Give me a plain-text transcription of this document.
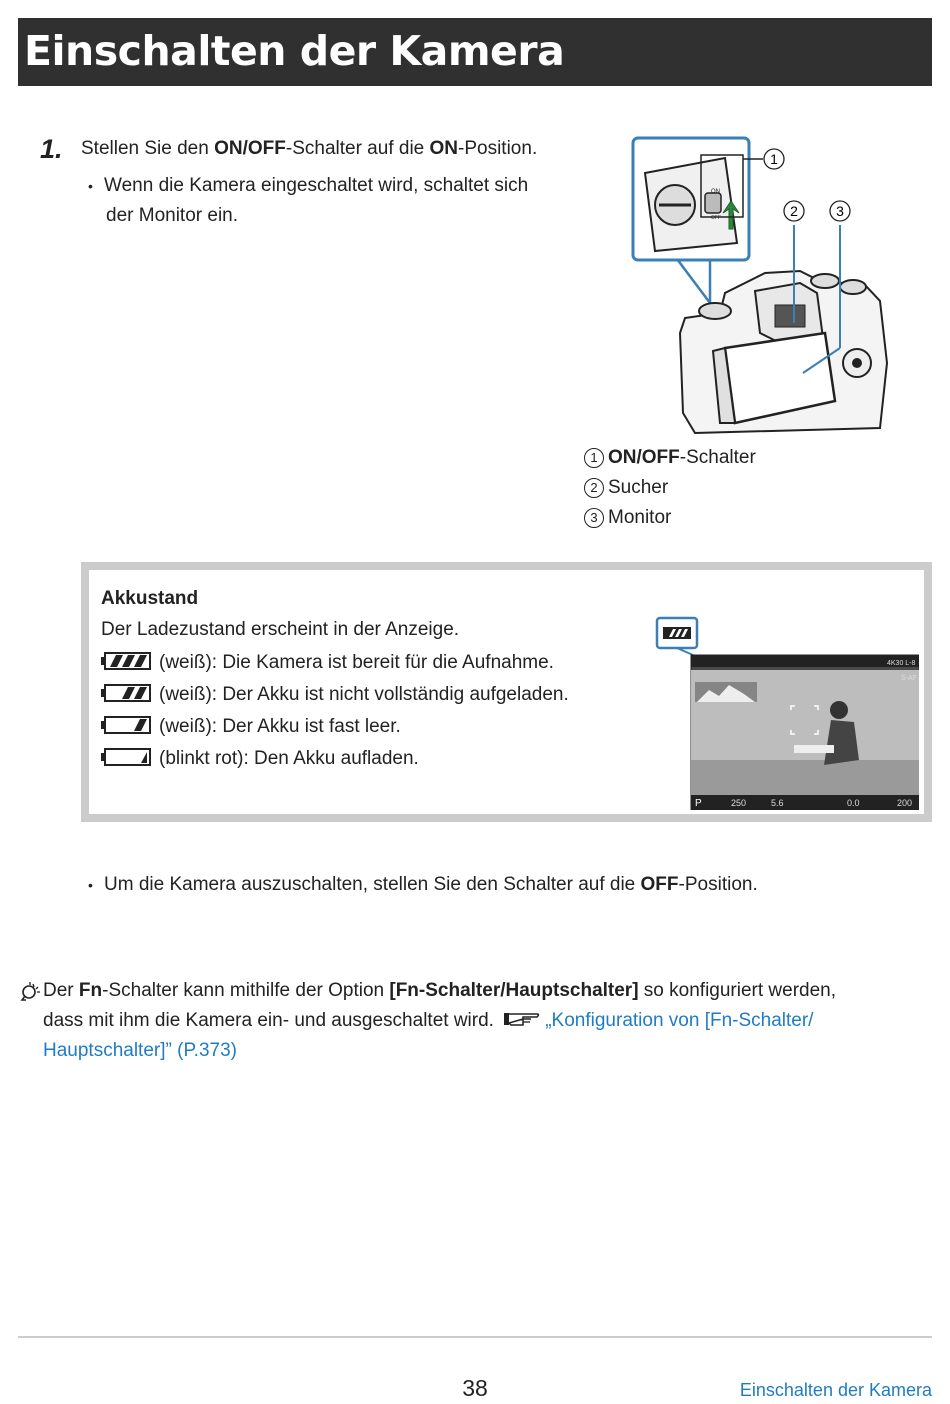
Einschalten der Kamera
1. Stellen Sie den ON/OFF-Schalter auf die ON-Position.
• Wenn die Kamera eingeschaltet wird, schaltet sich
der Monitor ein.
ON
OFF
1
2	3
1 ON/OFF-Schalter
2 Sucher
3 Monitor
Akkustand
Der Ladezustand erscheint in der Anzeige.
(weiß): Die Kamera ist bereit für die Aufnahme.
(weiß): Der Akku ist nicht vollständig aufgeladen.
(weiß): Der Akku ist fast leer.
(blinkt rot): Den Akku aufladen.
P	250	5.6	0.0	200
4K30 L-8
S-AF
• Um die Kamera auszuschalten, stellen Sie den Schalter auf die OFF-Position.
Der Fn-Schalter kann mithilfe der Option [Fn-Schalter/Hauptschalter] so konfiguriert werden,
dass mit ihm die Kamera ein- und ausgeschaltet wird.	„Konfiguration von [Fn-Schalter/
Hauptschalter]” (P.373)
38	Einschalten der Kamera
